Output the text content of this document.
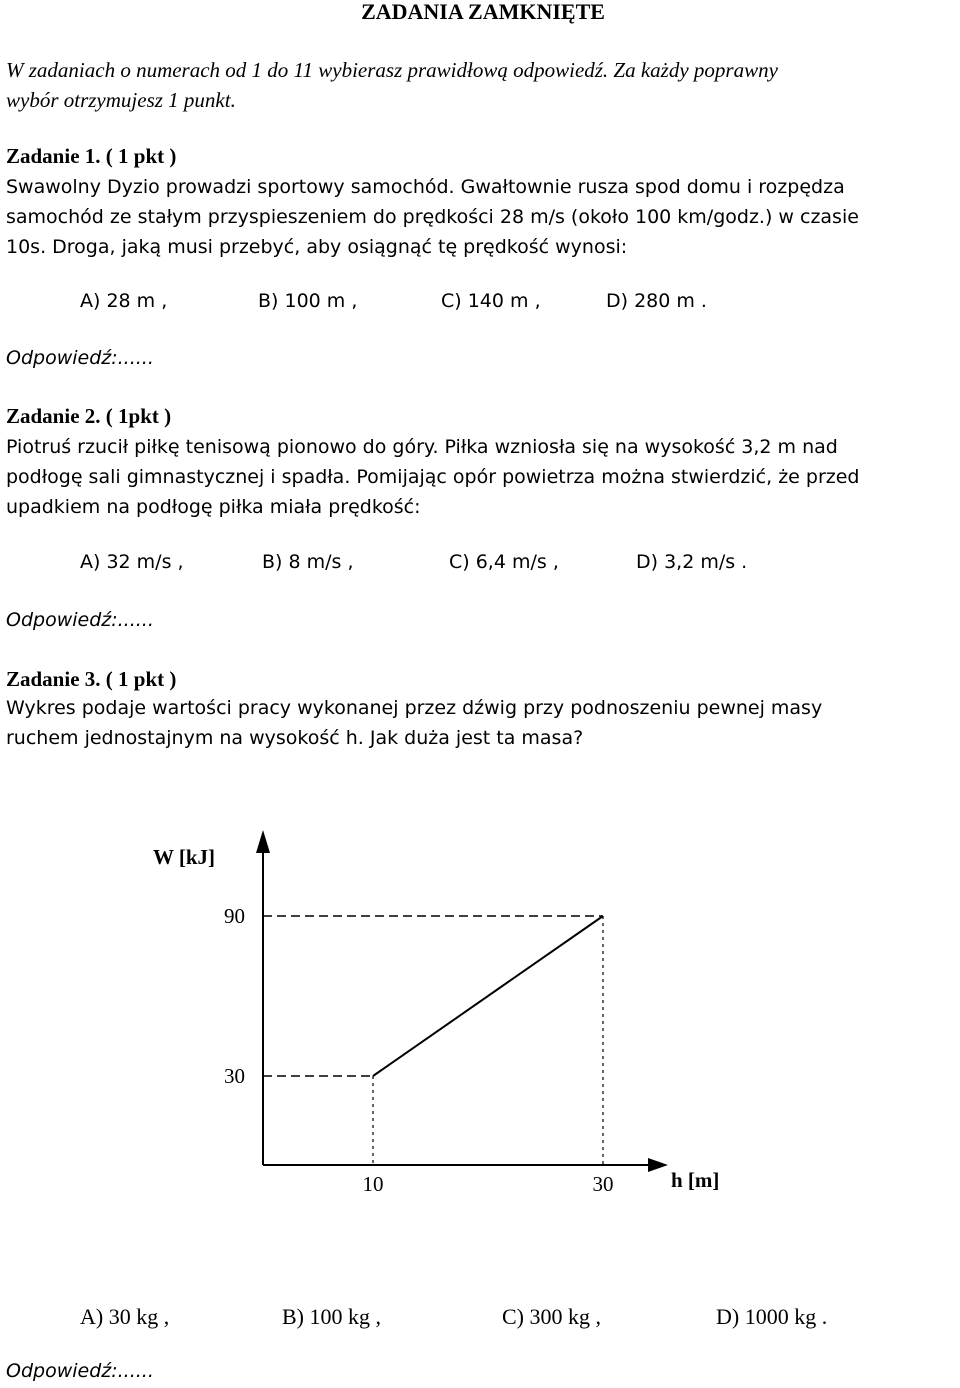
ZADANIA ZAMKNIĘTE

W zadaniach o numerach od 1 do 11 wybierasz prawidłową odpowiedź. Za każdy poprawny

wybór otrzymujesz 1 punkt.

Zadanie 1. ( 1 pkt )

Swawolny Dyzio prowadzi sportowy samochód. Gwałtownie rusza spod domu i rozpędza

samochód ze stałym przyspieszeniem do prędkości 28 m/s (około 100 km/godz.) w czasie

10s. Droga, jaką musi przebyć, aby osiągnąć tę prędkość wynosi:

A) 28 m ,	B) 100 m ,	C) 140 m ,	D) 280 m .
Odpowiedź:......
Zadanie 2. ( 1pkt )

Piotruś rzucił piłkę tenisową pionowo do góry. Piłka wzniosła się na wysokość 3,2 m nad

podłogę sali gimnastycznej i spadła. Pomijając opór powietrza można stwierdzić, że przed

upadkiem na podłogę piłka miała prędkość:

A) 32 m/s ,	B) 8 m/s ,	C) 6,4 m/s ,	D) 3,2 m/s .
Odpowiedź:......
Zadanie 3. ( 1 pkt )

Wykres podaje wartości pracy wykonanej przez dźwig przy podnoszeniu pewnej masy

ruchem jednostajnym na wysokość h. Jak duża jest ta masa?

W [kJ]
h [m]
30
90
10	30
A) 30 kg ,	B) 100 kg ,	C) 300 kg ,	D) 1000 kg .
Odpowiedź:......
